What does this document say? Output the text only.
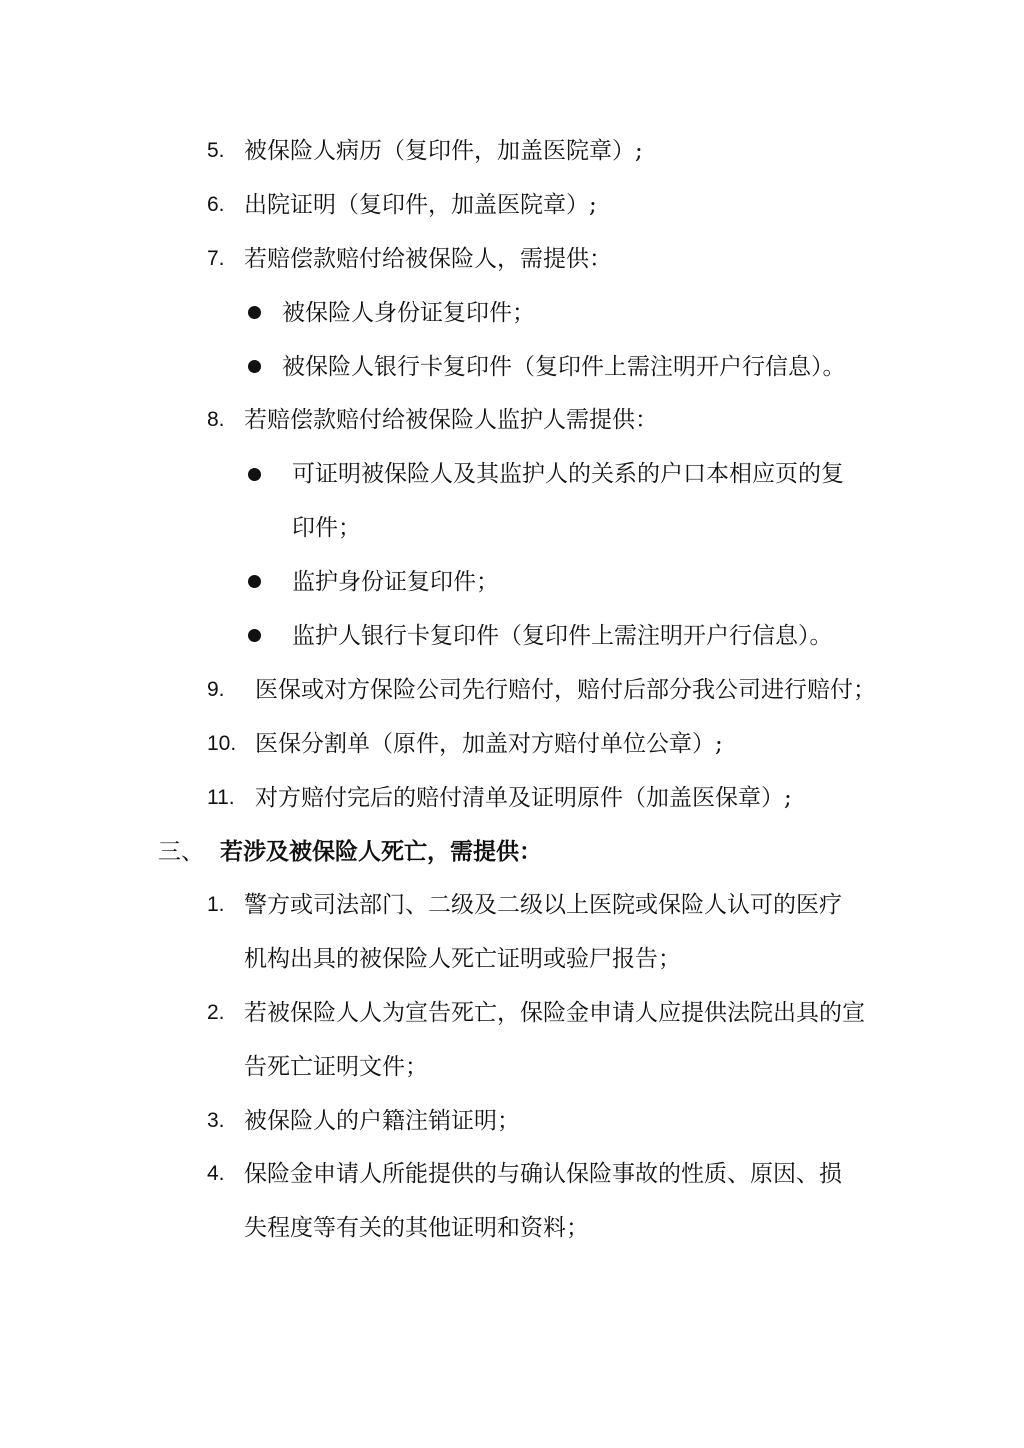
5. 被保险人病历（复印件，加盖医院章）;
6. 出院证明（复印件，加盖医院章）;
7. 若赔偿款赔付给被保险人，需提供：
被保险人身份证复印件；
被保险人银行卡复印件（复印件上需注明开户行信息）。
8. 若赔偿款赔付给被保险人监护人需提供：
可证明被保险人及其监护人的关系的户口本相应页的复
印件；
监护身份证复印件；
监护人银行卡复印件（复印件上需注明开户行信息）。
9. 医保或对方保险公司先行赔付，赔付后部分我公司进行赔付；
10. 医保分割单（原件，加盖对方赔付单位公章）;
11. 对方赔付完后的赔付清单及证明原件（加盖医保章）;
三、 若涉及被保险人死亡，需提供：
1. 警方或司法部门、二级及二级以上医院或保险人认可的医疗
机构出具的被保险人死亡证明或验尸报告；
2. 若被保险人人为宣告死亡，保险金申请人应提供法院出具的宣
告死亡证明文件；
3. 被保险人的户籍注销证明；
4. 保险金申请人所能提供的与确认保险事故的性质、原因、损
失程度等有关的其他证明和资料；
